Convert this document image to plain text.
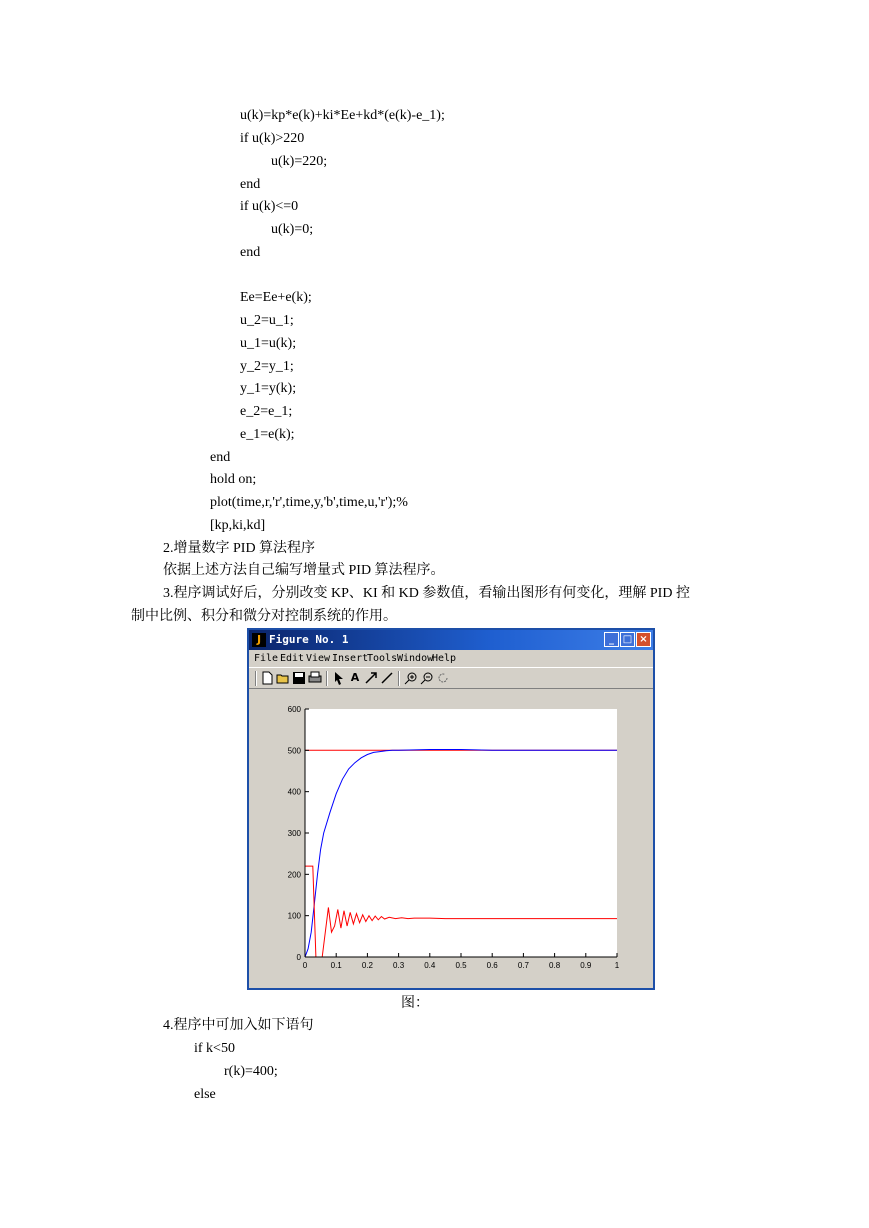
u(k)=kp*e(k)+ki*Ee+kd*(e(k)-e_1);
if u(k)>220
u(k)=220;
end
if u(k)<=0
u(k)=0;
end
Ee=Ee+e(k);
u_2=u_1;
u_1=u(k);
y_2=y_1;
y_1=y(k);
e_2=e_1;
e_1=e(k);
end
hold on;
plot(time,r,'r',time,y,'b',time,u,'r');%
[kp,ki,kd]
2.增量数字 PID 算法程序
依据上述方法自己编写增量式 PID 算法程序。
3.程序调试好后，分别改变 KP、KI 和 KD 参数值，看输出图形有何变化，理解 PID 控
制中比例、积分和微分对控制系统的作用。
J Figure No. 1	_ □ ×
File Edit View Insert
Tools Window
Help
A
0	0.1	0.2	0.3	0.4	0.5	0.6	0.7	0.8	0.9	1
0
100
200
300
400
500
600
图：
4.程序中可加入如下语句
if k<50
r(k)=400;
else
